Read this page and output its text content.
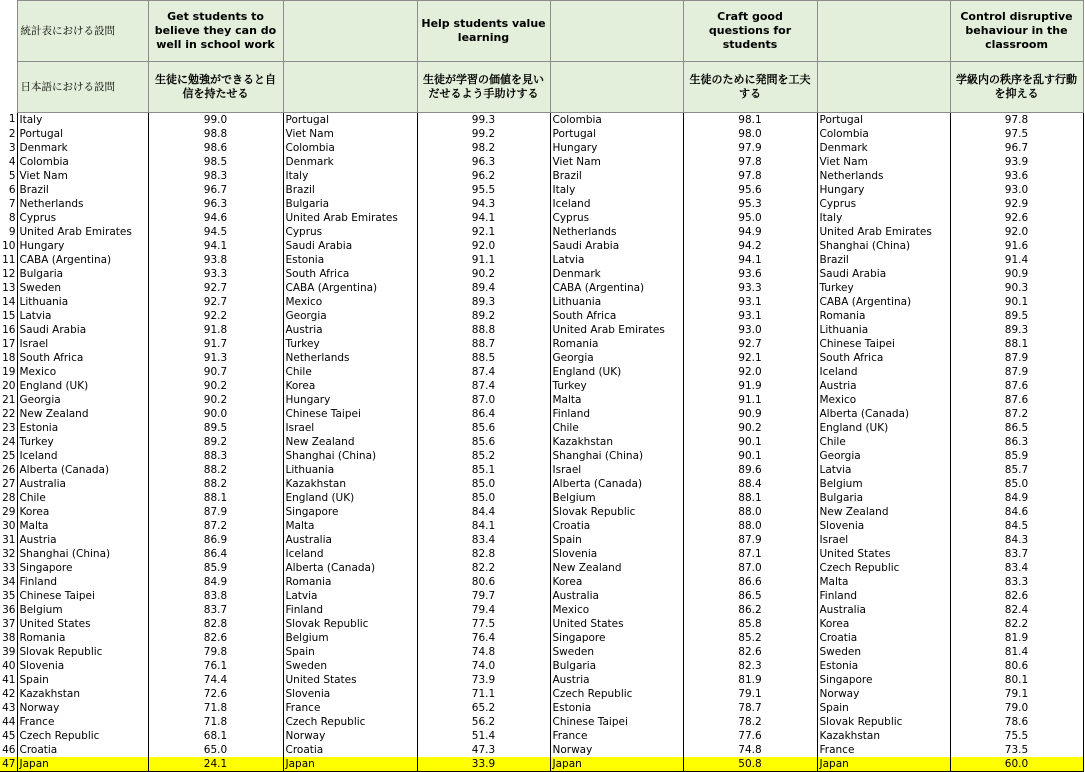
	統計表における設問	Get students to believe they can do well in school work		Help students value learning		Craft good questions for students		Control disruptive behaviour in the classroom
	日本語における設問	生徒に勉強ができると自信を持たせる		生徒が学習の価値を見いだせるよう手助けする		生徒のために発問を工夫する		学級内の秩序を乱す行動を抑える
1	Italy	99.0	Portugal	99.3	Colombia	98.1	Portugal	97.8
2	Portugal	98.8	Viet Nam	99.2	Portugal	98.0	Colombia	97.5
3	Denmark	98.6	Colombia	98.2	Hungary	97.9	Denmark	96.7
4	Colombia	98.5	Denmark	96.3	Viet Nam	97.8	Viet Nam	93.9
5	Viet Nam	98.3	Italy	96.2	Brazil	97.8	Netherlands	93.6
6	Brazil	96.7	Brazil	95.5	Italy	95.6	Hungary	93.0
7	Netherlands	96.3	Bulgaria	94.3	Iceland	95.3	Cyprus	92.9
8	Cyprus	94.6	United Arab Emirates	94.1	Cyprus	95.0	Italy	92.6
9	United Arab Emirates	94.5	Cyprus	92.1	Netherlands	94.9	United Arab Emirates	92.0
10	Hungary	94.1	Saudi Arabia	92.0	Saudi Arabia	94.2	Shanghai (China)	91.6
11	CABA (Argentina)	93.8	Estonia	91.1	Latvia	94.1	Brazil	91.4
12	Bulgaria	93.3	South Africa	90.2	Denmark	93.6	Saudi Arabia	90.9
13	Sweden	92.7	CABA (Argentina)	89.4	CABA (Argentina)	93.3	Turkey	90.3
14	Lithuania	92.7	Mexico	89.3	Lithuania	93.1	CABA (Argentina)	90.1
15	Latvia	92.2	Georgia	89.2	South Africa	93.1	Romania	89.5
16	Saudi Arabia	91.8	Austria	88.8	United Arab Emirates	93.0	Lithuania	89.3
17	Israel	91.7	Turkey	88.7	Romania	92.7	Chinese Taipei	88.1
18	South Africa	91.3	Netherlands	88.5	Georgia	92.1	South Africa	87.9
19	Mexico	90.7	Chile	87.4	England (UK)	92.0	Iceland	87.9
20	England (UK)	90.2	Korea	87.4	Turkey	91.9	Austria	87.6
21	Georgia	90.2	Hungary	87.0	Malta	91.1	Mexico	87.6
22	New Zealand	90.0	Chinese Taipei	86.4	Finland	90.9	Alberta (Canada)	87.2
23	Estonia	89.5	Israel	85.6	Chile	90.2	England (UK)	86.5
24	Turkey	89.2	New Zealand	85.6	Kazakhstan	90.1	Chile	86.3
25	Iceland	88.3	Shanghai (China)	85.2	Shanghai (China)	90.1	Georgia	85.9
26	Alberta (Canada)	88.2	Lithuania	85.1	Israel	89.6	Latvia	85.7
27	Australia	88.2	Kazakhstan	85.0	Alberta (Canada)	88.4	Belgium	85.0
28	Chile	88.1	England (UK)	85.0	Belgium	88.1	Bulgaria	84.9
29	Korea	87.9	Singapore	84.4	Slovak Republic	88.0	New Zealand	84.6
30	Malta	87.2	Malta	84.1	Croatia	88.0	Slovenia	84.5
31	Austria	86.9	Australia	83.4	Spain	87.9	Israel	84.3
32	Shanghai (China)	86.4	Iceland	82.8	Slovenia	87.1	United States	83.7
33	Singapore	85.9	Alberta (Canada)	82.2	New Zealand	87.0	Czech Republic	83.4
34	Finland	84.9	Romania	80.6	Korea	86.6	Malta	83.3
35	Chinese Taipei	83.8	Latvia	79.7	Australia	86.5	Finland	82.6
36	Belgium	83.7	Finland	79.4	Mexico	86.2	Australia	82.4
37	United States	82.8	Slovak Republic	77.5	United States	85.8	Korea	82.2
38	Romania	82.6	Belgium	76.4	Singapore	85.2	Croatia	81.9
39	Slovak Republic	79.8	Spain	74.8	Sweden	82.6	Sweden	81.4
40	Slovenia	76.1	Sweden	74.0	Bulgaria	82.3	Estonia	80.6
41	Spain	74.4	United States	73.9	Austria	81.9	Singapore	80.1
42	Kazakhstan	72.6	Slovenia	71.1	Czech Republic	79.1	Norway	79.1
43	Norway	71.8	France	65.2	Estonia	78.7	Spain	79.0
44	France	71.8	Czech Republic	56.2	Chinese Taipei	78.2	Slovak Republic	78.6
45	Czech Republic	68.1	Norway	51.4	France	77.6	Kazakhstan	75.5
46	Croatia	65.0	Croatia	47.3	Norway	74.8	France	73.5
47	Japan	24.1	Japan	33.9	Japan	50.8	Japan	60.0
